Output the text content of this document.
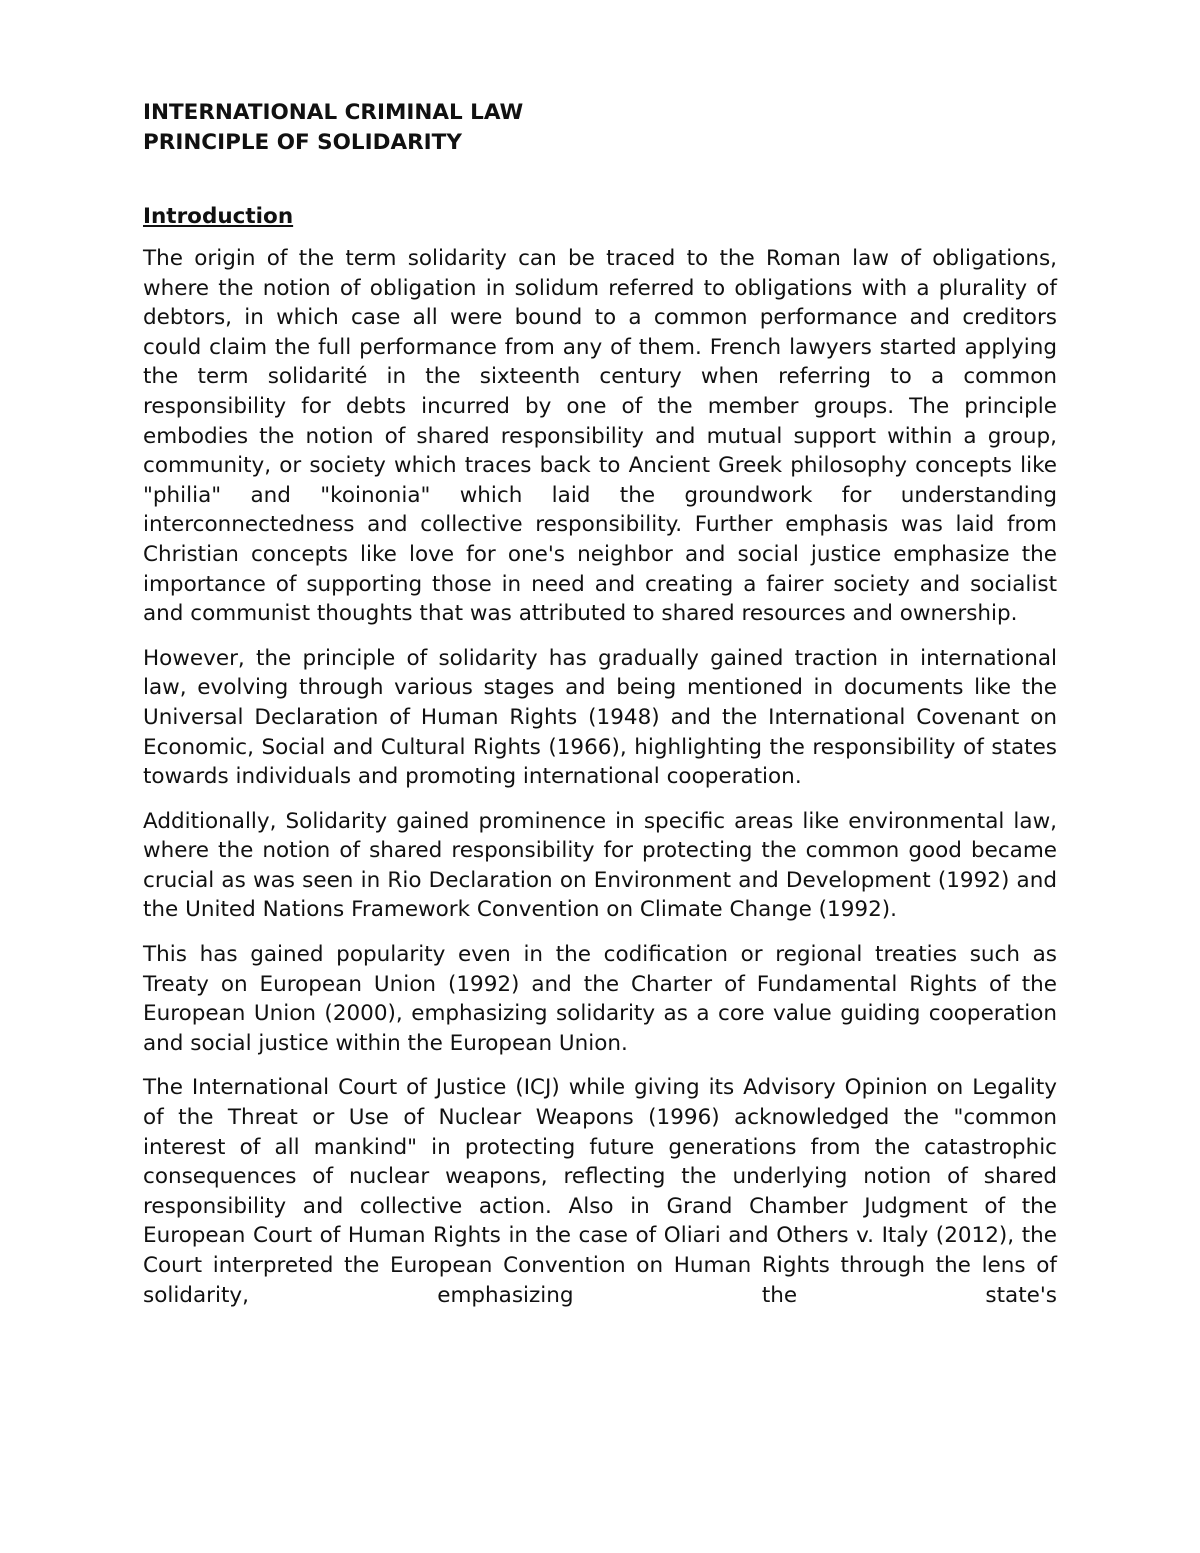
INTERNATIONAL CRIMINAL LAW
PRINCIPLE OF SOLIDARITY
Introduction

The origin of the term solidarity can be traced to the Roman law of obligations, where the notion of obligation in solidum referred to obligations with a plurality of debtors, in which case all were bound to a common performance and creditors could claim the full performance from any of them. French lawyers started applying the term solidarité in the sixteenth century when referring to a common responsibility for debts incurred by one of the member groups. The principle embodies the notion of shared responsibility and mutual support within a group, community, or society which traces back to Ancient Greek philosophy concepts like "philia" and "koinonia" which laid the groundwork for understanding interconnectedness and collective responsibility. Further emphasis was laid from Christian concepts like love for one's neighbor and social justice emphasize the importance of supporting those in need and creating a fairer society and socialist and communist thoughts that was attributed to shared resources and ownership.

However, the principle of solidarity has gradually gained traction in international law, evolving through various stages and being mentioned in documents like the Universal Declaration of Human Rights (1948) and the International Covenant on Economic, Social and Cultural Rights (1966), highlighting the responsibility of states towards individuals and promoting international cooperation.

Additionally, Solidarity gained prominence in specific areas like environmental law, where the notion of shared responsibility for protecting the common good became crucial as was seen in Rio Declaration on Environment and Development (1992) and the United Nations Framework Convention on Climate Change (1992).

This has gained popularity even in the codification or regional treaties such as Treaty on European Union (1992) and the Charter of Fundamental Rights of the European Union (2000), emphasizing solidarity as a core value guiding cooperation and social justice within the European Union.

The International Court of Justice (ICJ) while giving its Advisory Opinion on Legality of the Threat or Use of Nuclear Weapons (1996) acknowledged the "common interest of all mankind" in protecting future generations from the catastrophic consequences of nuclear weapons, reflecting the underlying notion of shared responsibility and collective action. Also in Grand Chamber Judgment of the European Court of Human Rights in the case of Oliari and Others v. Italy (2012), the Court interpreted the European Convention on Human Rights through the lens of solidarity, emphasizing the state's
